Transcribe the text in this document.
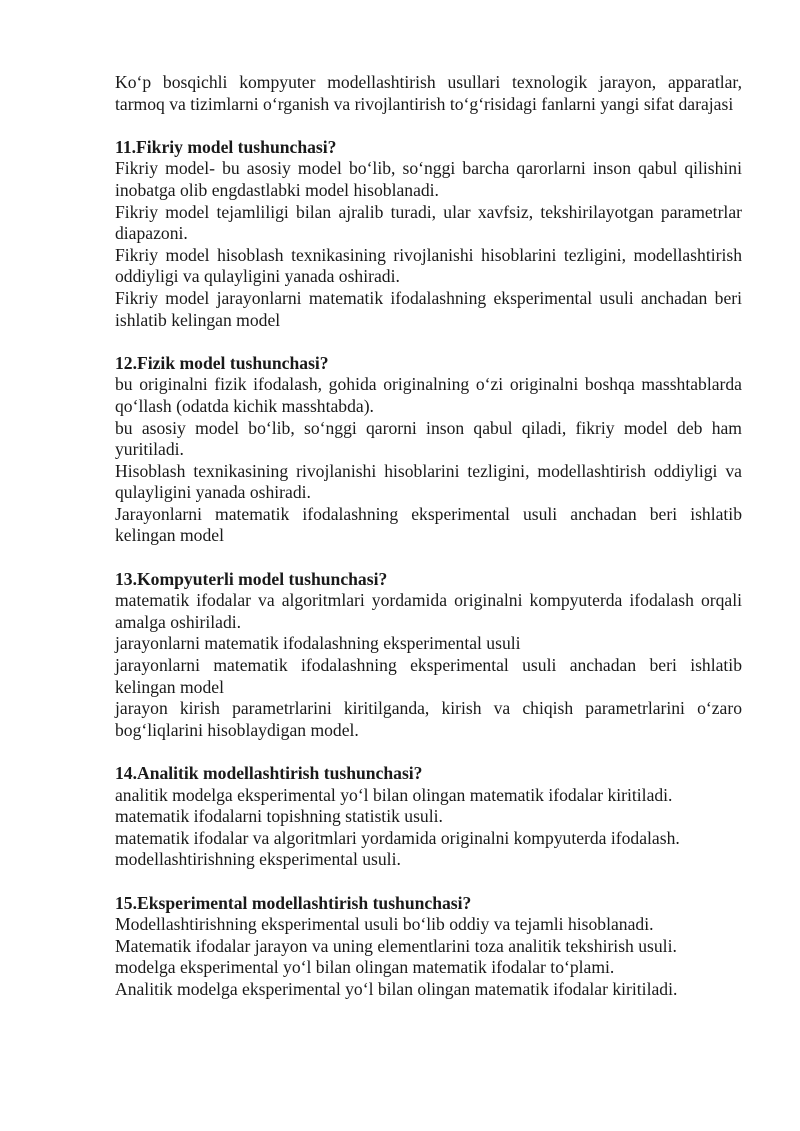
Ko‘p bosqichli kompyuter modellashtirish usullari texnologik jarayon, apparatlar, tarmoq va tizimlarni o‘rganish va rivojlantirish to‘g‘risidagi fanlarni yangi sifat darajasi

11.Fikriy model tushunchasi?

Fikriy model- bu asosiy model bo‘lib, so‘nggi barcha qarorlarni inson qabul qilishini inobatga olib engdastlabki model hisoblanadi.

Fikriy model tejamliligi bilan ajralib turadi, ular xavfsiz, tekshirilayotgan parametrlar diapazoni.

Fikriy model hisoblash texnikasining rivojlanishi hisoblarini tezligini, modellashtirish oddiyligi va qulayligini yanada oshiradi.

Fikriy model jarayonlarni matematik ifodalashning eksperimental usuli anchadan beri ishlatib kelingan model

12.Fizik model tushunchasi?

bu originalni fizik ifodalash, gohida originalning o‘zi originalni boshqa masshtablarda qo‘llash (odatda kichik masshtabda).

bu asosiy model bo‘lib, so‘nggi qarorni inson qabul qiladi, fikriy model deb ham yuritiladi.

Hisoblash texnikasining rivojlanishi hisoblarini tezligini, modellashtirish oddiyligi va qulayligini yanada oshiradi.

Jarayonlarni matematik ifodalashning eksperimental usuli anchadan beri ishlatib kelingan model

13.Kompyuterli model tushunchasi?

matematik ifodalar va algoritmlari yordamida originalni kompyuterda ifodalash orqali amalga oshiriladi.

jarayonlarni matematik ifodalashning eksperimental usuli

jarayonlarni matematik ifodalashning eksperimental usuli anchadan beri ishlatib kelingan model

jarayon kirish parametrlarini kiritilganda, kirish va chiqish parametrlarini o‘zaro bog‘liqlarini hisoblaydigan model.

14.Analitik modellashtirish tushunchasi?

analitik modelga eksperimental yo‘l bilan olingan matematik ifodalar kiritiladi.

matematik ifodalarni topishning statistik usuli.

matematik ifodalar va algoritmlari yordamida originalni kompyuterda ifodalash.

modellashtirishning eksperimental usuli.

15.Eksperimental modellashtirish tushunchasi?

Modellashtirishning eksperimental usuli bo‘lib oddiy va tejamli hisoblanadi.

Matematik ifodalar jarayon va uning elementlarini toza analitik tekshirish usuli.

modelga eksperimental yo‘l bilan olingan matematik ifodalar to‘plami.

Analitik modelga eksperimental yo‘l bilan olingan matematik ifodalar kiritiladi.
